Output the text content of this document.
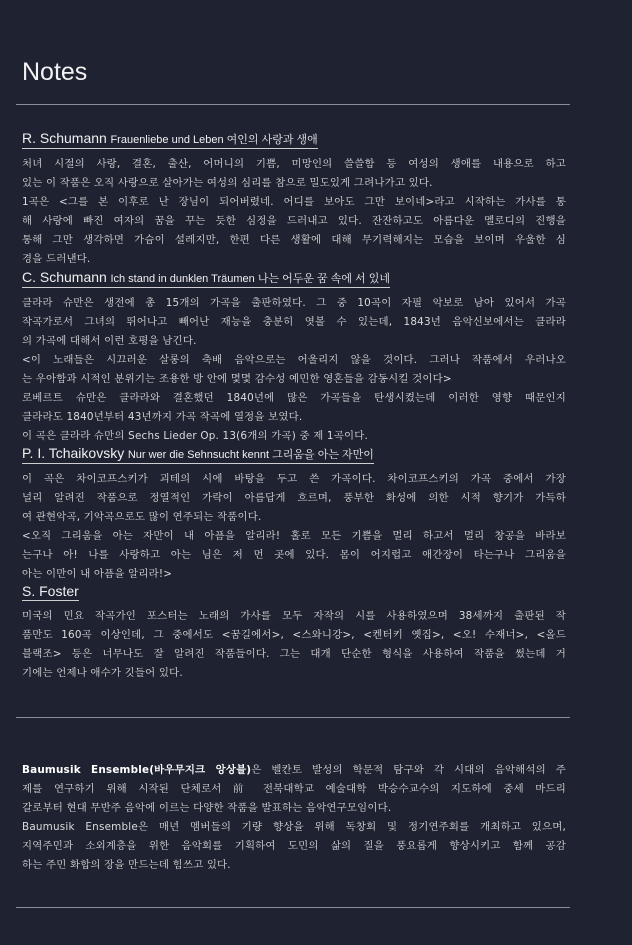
Notes
R. Schumann Frauenliebe und Leben 여인의 사랑과 생애
처녀 시절의 사랑, 결혼, 출산, 어머니의 기쁨, 미망인의 쓸쓸함 등 여성의 생애를 내용으로 하고
있는 이 작품은 오직 사랑으로 살아가는 여성의 심리를 참으로 밀도있게 그려나가고 있다.
1곡은 <그를 본 이후로 난 장님이 되어버렸네. 어디를 보아도 그만 보이네>라고 시작하는 가사를 통
해 사랑에 빠진 여자의 꿈을 꾸는 듯한 심정을 드러내고 있다. 잔잔하고도 아름다운 멜로디의 진행을
통해 그만 생각하면 가슴이 설레지만, 한편 다른 생활에 대해 무기력해지는 모습을 보이며 우울한 심
경을 드러낸다.
C. Schumann Ich stand in dunklen Träumen 나는 어두운 꿈 속에 서 있네
클라라 슈만은 생전에 총 15개의 가곡을 출판하였다. 그 중 10곡이 자필 악보로 남아 있어서 가곡
작곡가로서 그녀의 뛰어나고 빼어난 재능을 충분히 엿볼 수 있는데, 1843년 음악신보에서는 클라라
의 가곡에 대해서 이런 호평을 남긴다.
<이 노래들은 시끄러운 살롱의 축배 음악으로는 어울리지 않을 것이다. 그러나 작품에서 우러나오
는 우아함과 시적인 분위기는 조용한 방 안에 몇몇 감수성 예민한 영혼들을 감동시킬 것이다>
로베르트 슈만은 클라라와 결혼했던 1840년에 많은 가곡들을 탄생시켰는데 이러한 영향 때문인지
클라라도 1840년부터 43년까지 가곡 작곡에 열정을 보였다.
이 곡은 클라라 슈만의 Sechs Lieder Op. 13(6개의 가곡) 중 제 1곡이다.
P. I. Tchaikovsky Nur wer die Sehnsucht kennt 그리움을 아는 자만이
이 곡은 차이코프스키가 괴테의 시에 바탕을 두고 쓴 가곡이다. 차이코프스키의 가곡 중에서 가장
널리 알려진 작품으로 정열적인 가락이 아름답게 흐르며, 풍부한 화성에 의한 시적 향기가 가득하
여 관현악곡, 기악곡으로도 많이 연주되는 작품이다.
<오직 그리움을 아는 자만이 내 아픔을 알리라! 홀로 모든 기쁨을 멀리 하고서 멀리 창공을 바라보
는구나 아! 나를 사랑하고 아는 님은 저 먼 곳에 있다. 몸이 어지럽고 애간장이 타는구나 그리움을
아는 이만이 내 아픔을 알리라!>
S. Foster
미국의 민요 작곡가인 포스터는 노래의 가사를 모두 자작의 시를 사용하였으며 38세까지 출판된 작
품만도 160곡 이상인데, 그 중에서도 <꿈길에서>, <스와니강>, <켄터키 옛집>, <오! 수재너>, <올드
블랙조> 등은 너무나도 잘 알려진 작품들이다. 그는 대개 단순한 형식을 사용하여 작품을 썼는데 거
기에는 언제나 애수가 깃들어 있다.
Baumusik Ensemble(바우무지크 앙상블)은 벨칸토 발성의 학문적 탐구와 각 시대의 음악해석의 주
제를 연구하기 위해 시작된 단체로서 前 전북대학교 예술대학 박승수교수의 지도하에 중세 마드리
갈로부터 현대 무반주 음악에 이르는 다양한 작품을 발표하는 음악연구모임이다.
Baumusik Ensemble은 매년 멤버들의 기량 향상을 위해 독창회 및 정기연주회를 개최하고 있으며,
지역주민과 소외계층을 위한 음악회를 기획하여 도민의 삶의 질을 풍요롭게 향상시키고 함께 공감
하는 주민 화합의 장을 만드는데 힘쓰고 있다.
